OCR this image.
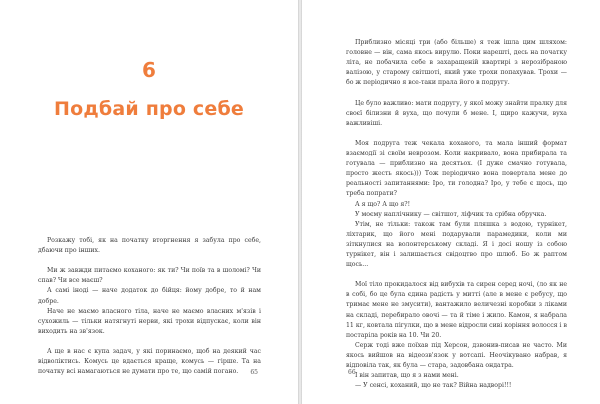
6
Подбай про себе

Розкажу тобі, як на початку вторгнення я забула про себе, дбаючи про інших.

Ми ж завжди питаємо коханого: як ти? Чи поїв та в шоломі? Чи спав? Чи все маєш?

А самі іноді — наче додаток до бійця: йому добре, то й нам добре.

Наче не маємо власного тіла, наче не маємо власних м'язів і сухожиль — тільки натягнуті нерви, які трохи відпускає, коли він виходить на зв'язок.

А ще в нас є купа задач, у які поринаємо, щоб на деякий час відволіктись. Комусь це вдається краще, комусь — гірше. Та на початку всі намагаються не думати про те, що самій погано.	65

Приблизно місяці три (або більше) я теж ішла цим шляхом: головне — він, сама якось вирулю. Поки нарешті, десь на початку літа, не побачила себе в захаращеній квартирі з нерозібраною валізою, у старому світшоті, який уже трохи попахував. Трохи — бо ж періодично я все-таки прала його в подругу.

Це було важливо: мати подругу, у якої можу знайти пралку для своєї білизни й вуха, що почули б мене. І, щиро кажучи, вуха важливіші.

Моя подруга теж чекала коханого, та мала інший формат взаємодії зі своїм неврозом. Коли накривало, вона прибирала та готувала — приблизно на десятьох. (І дуже смачно готувала, просто жесть якось))) Тож періодично вона повертала мене до реальності запитаннями: Іро, ти голодна? Іро, у тебе є щось, що треба попрати?

А я що? А що я?!

У моєму наплічнику — світшот, ліфчик та срібна обручка.

Утім, не тільки: також там були пляшка з водою, турнікет, ліхтарик, що його мені подарували парамедики, коли ми зіткнулися на волонтерському складі. Я і досі ношу із собою турнікет, він і залишається свідоцтво про шлюб. Бо ж раптом щось...

Мої тіло прокидалося від вибухів та сирен серед ночі, (ло як не в собі, бо це була єдина радість у митті (але в мене є ребусу, що тримає мене не змусити), вантажило величезні коробки з ліками на складі, перебирало овочі — та й тіме і жило. Камон, я набрала 11 кг, ковтала пігулки, що в мене відросли сиві коріння волосся і в постаріла років на 10. Чи 20.

Серж тоді вже поїхав під Херсон, дзвонив-писав не часто. Ми якось вийшов на відеозв'язок у вотсапі. Неочікувано набрав, я відповіла так, як була — стара, задовбана ондатра.

І він запитав, що я з нами мені.

— У сенсі, коханий, що не так? Війна надворі!!!

66
